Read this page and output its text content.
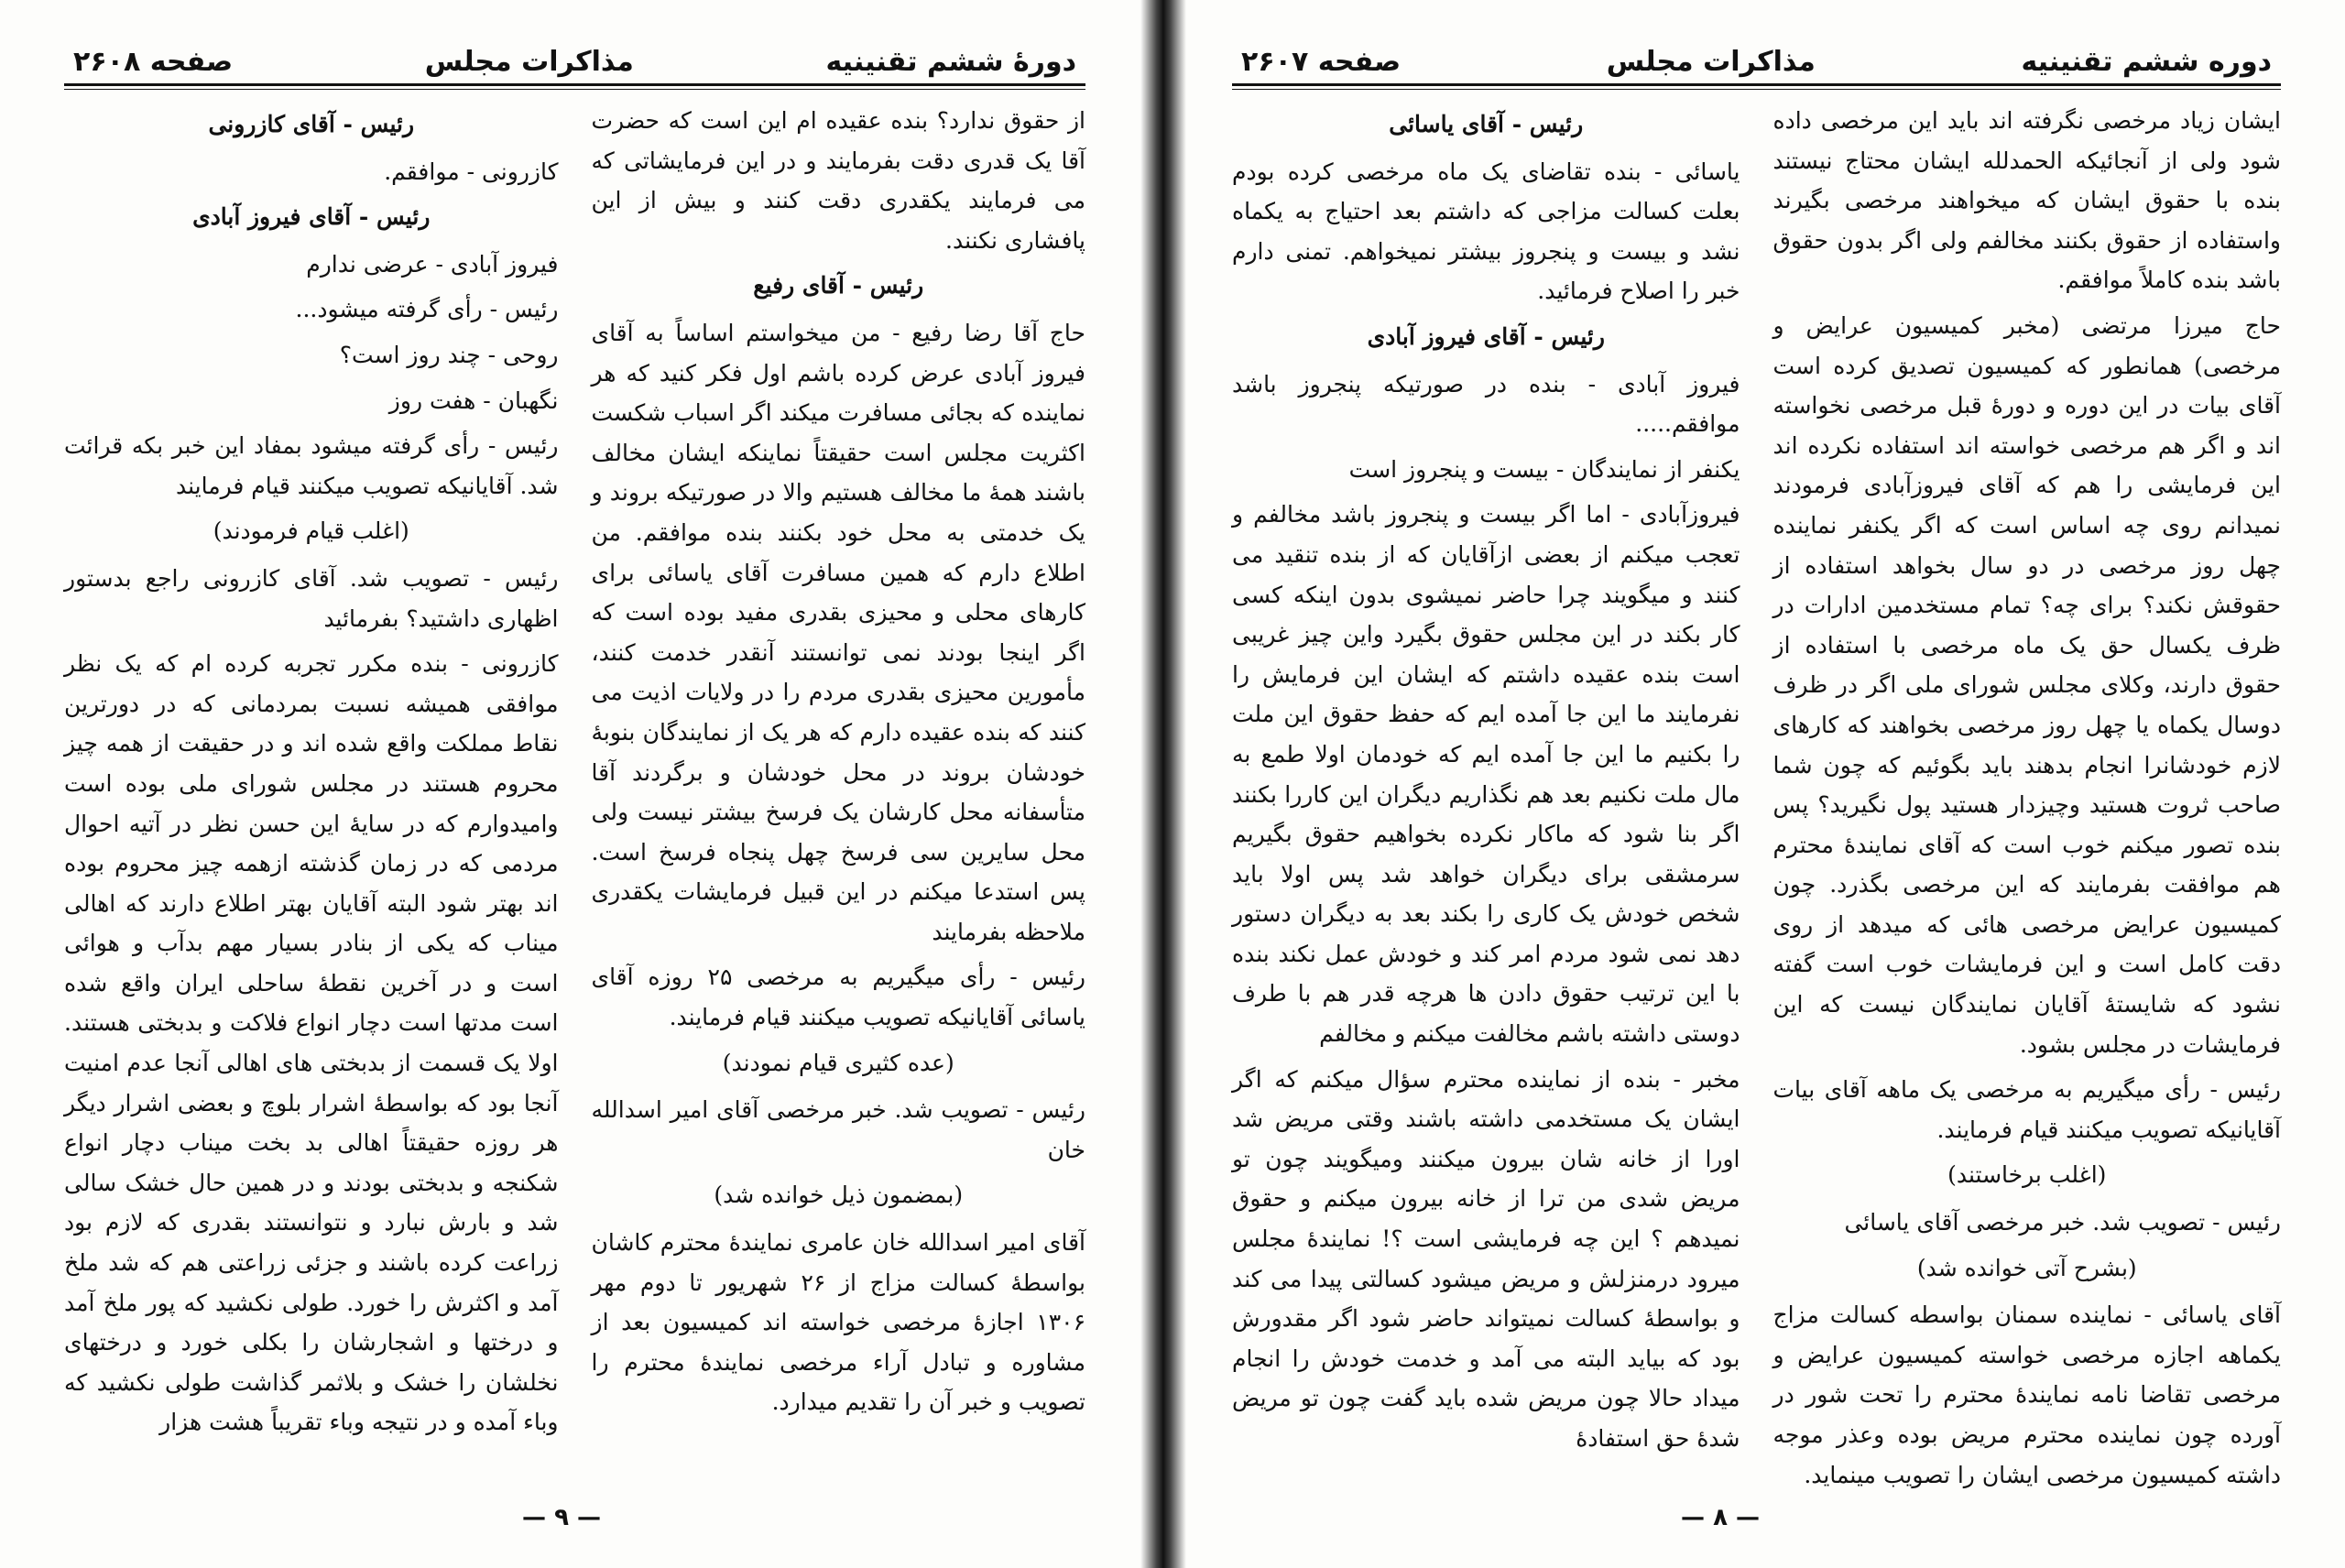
دورهٔ ششم تقنینیه
مذاکرات مجلس
صفحه ۲۶۰۸

از حقوق ندارد؟ بنده عقیده ام این است که حضرت آقا یک قدری دقت بفرمایند و در این فرمایشاتی که می فرمایند یکقدری دقت کنند و بیش از این پافشاری نکنند.

رئیس - آقای رفیع

حاج آقا رضا رفیع - من میخواستم اساساً به آقای فیروز آبادی عرض کرده باشم اول فکر کنید که هر نماینده که بجائی مسافرت میکند اگر اسباب شکست اکثریت مجلس است حقیقتاً نماینکه ایشان مخالف باشند همهٔ ما مخالف هستیم والا در صورتیکه بروند و یک خدمتی به محل خود بکنند بنده موافقم. من اطلاع دارم که همین مسافرت آقای یاسائی برای کارهای محلی و محیزی بقدری مفید بوده است که اگر اینجا بودند نمی توانستند آنقدر خدمت کنند، مأمورین محیزی بقدری مردم را در ولایات اذیت می کنند که بنده عقیده دارم که هر یک از نمایندگان بنوبهٔ خودشان بروند در محل خودشان و برگردند آقا متأسفانه محل کارشان یک فرسخ بیشتر نیست ولی محل سایرین سی فرسخ چهل پنجاه فرسخ است. پس استدعا میکنم در این قبیل فرمایشات یکقدری ملاحظه بفرمایند

رئیس - رأی میگیریم به مرخصی ۲۵ روزه آقای یاسائی آقایانیکه تصویب میکنند قیام فرمایند.

(عده کثیری قیام نمودند)

رئیس - تصویب شد. خبر مرخصی آقای امیر اسدالله خان

(بمضمون ذیل خوانده شد)

آقای امیر اسدالله خان عامری نمایندهٔ محترم کاشان بواسطهٔ کسالت مزاج از ۲۶ شهریور تا دوم مهر ۱۳۰۶ اجازهٔ مرخصی خواسته اند کمیسیون بعد از مشاوره و تبادل آراء مرخصی نمایندهٔ محترم را تصویب و خبر آن را تقدیم میدارد.

رئیس - آقای کازرونی

کازرونی - موافقم.

رئیس - آقای فیروز آبادی

فیروز آبادی - عرضی ندارم

رئیس - رأی گرفته میشود...

روحی - چند روز است؟

نگهبان - هفت روز

رئیس - رأی گرفته میشود بمفاد این خبر بکه قرائت شد. آقایانیکه تصویب میکنند قیام فرمایند

(اغلب قیام فرمودند)

رئیس - تصویب شد. آقای کازرونی راجع بدستور اظهاری داشتید؟ بفرمائید

کازرونی - بنده مکرر تجربه کرده ام که یک نظر موافقی همیشه نسبت بمردمانی که در دورترین نقاط مملکت واقع شده اند و در حقیقت از همه چیز محروم هستند در مجلس شورای ملی بوده است وامیدوارم که در سایهٔ این حسن نظر در آتیه احوال مردمی که در زمان گذشته ازهمه چیز محروم بوده اند بهتر شود البته آقایان بهتر اطلاع دارند که اهالی میناب که یکی از بنادر بسیار مهم بدآب و هوائی است و در آخرین نقطهٔ ساحلی ایران واقع شده است مدتها است دچار انواع فلاکت و بدبختی هستند. اولا یک قسمت از بدبختی های اهالی آنجا عدم امنیت آنجا بود که بواسطهٔ اشرار بلوچ و بعضی اشرار دیگر هر روزه حقیقتاً اهالی بد بخت میناب دچار انواع شکنجه و بدبختی بودند و در همین حال خشک سالی شد و بارش نبارد و نتوانستند بقدری که لازم بود زراعت کرده باشند و جزئی زراعتی هم که شد ملخ آمد و اکثرش را خورد. طولی نکشید که پور ملخ آمد و درختها و اشجارشان را بکلی خورد و درختهای نخلشان را خشک و بلاثمر گذاشت طولی نکشید که وباء آمده و در نتیجه وباء تقریباً هشت هزار

— ۹ —
دوره ششم تقنینیه
مذاکرات مجلس
صفحه ۲۶۰۷

ایشان زیاد مرخصی نگرفته اند باید این مرخصی داده شود ولی از آنجائیکه الحمدلله ایشان محتاج نیستند بنده با حقوق ایشان که میخواهند مرخصی بگیرند واستفاده از حقوق بکنند مخالفم ولی اگر بدون حقوق باشد بنده کاملاً موافقم.

حاج میرزا مرتضی (مخبر کمیسیون عرایض و مرخصی) همانطور که کمیسیون تصدیق کرده است آقای بیات در این دوره و دورهٔ قبل مرخصی نخواسته اند و اگر هم مرخصی خواسته اند استفاده نکرده اند این فرمایشی را هم که آقای فیروزآبادی فرمودند نمیدانم روی چه اساس است که اگر یکنفر نماینده چهل روز مرخصی در دو سال بخواهد استفاده از حقوقش نکند؟ برای چه؟ تمام مستخدمین ادارات در ظرف یکسال حق یک ماه مرخصی با استفاده از حقوق دارند، وکلای مجلس شورای ملی اگر در ظرف دوسال یکماه یا چهل روز مرخصی بخواهند که کارهای لازم خودشانرا انجام بدهند باید بگوئیم که چون شما صاحب ثروت هستید وچیزدار هستید پول نگیرید؟ پس بنده تصور میکنم خوب است که آقای نمایندهٔ محترم هم موافقت بفرمایند که این مرخصی بگذرد. چون کمیسیون عرایض مرخصی هائی که میدهد از روی دقت کامل است و این فرمایشات خوب است گفته نشود که شایستهٔ آقایان نمایندگان نیست که این فرمایشات در مجلس بشود.

رئیس - رأی میگیریم به مرخصی یک ماهه آقای بیات آقایانیکه تصویب میکنند قیام فرمایند.

(اغلب برخاستند)

رئیس - تصویب شد. خبر مرخصی آقای یاسائی

(بشرح آتی خوانده شد)

آقای یاسائی - نماینده سمنان بواسطه کسالت مزاج یکماهه اجازه مرخصی خواسته کمیسیون عرایض و مرخصی تقاضا نامه نمایندهٔ محترم را تحت شور در آورده چون نماینده محترم مریض بوده وعذر موجه داشته کمیسیون مرخصی ایشان را تصویب مینماید.

رئیس - آقای یاسائی

یاسائی - بنده تقاضای یک ماه مرخصی کرده بودم بعلت کسالت مزاجی که داشتم بعد احتیاج به یکماه نشد و بیست و پنجروز بیشتر نمیخواهم. تمنی دارم خبر را اصلاح فرمائید.

رئیس - آقای فیروز آبادی

فیروز آبادی - بنده در صورتیکه پنجروز باشد موافقم.....

یکنفر از نمایندگان - بیست و پنجروز است

فیروزآبادی - اما اگر بیست و پنجروز باشد مخالفم و تعجب میکنم از بعضی ازآقایان که از بنده تنقید می کنند و میگویند چرا حاضر نمیشوی بدون اینکه کسی کار بکند در این مجلس حقوق بگیرد واین چیز غریبی است بنده عقیده داشتم که ایشان این فرمایش را نفرمایند ما این جا آمده ایم که حفظ حقوق این ملت را بکنیم ما این جا آمده ایم که خودمان اولا طمع به مال ملت نکنیم بعد هم نگذاریم دیگران این کاررا بکنند اگر بنا شود که ماکار نکرده بخواهیم حقوق بگیریم سرمشقی برای دیگران خواهد شد پس اولا باید شخص خودش یک کاری را بکند بعد به دیگران دستور دهد نمی شود مردم امر کند و خودش عمل نکند بنده با این ترتیب حقوق دادن ها هرچه قدر هم با طرف دوستی داشته باشم مخالفت میکنم و مخالفم

مخبر - بنده از نماینده محترم سؤال میکنم که اگر ایشان یک مستخدمی داشته باشند وقتی مریض شد اورا از خانه شان بیرون میکنند ومیگویند چون تو مریض شدی من ترا از خانه بیرون میکنم و حقوق نمیدهم ؟ این چه فرمایشی است ؟! نمایندهٔ مجلس میرود درمنزلش و مریض میشود کسالتی پیدا می کند و بواسطهٔ کسالت نمیتواند حاضر شود اگر مقدورش بود که بیاید البته می آمد و خدمت خودش را انجام میداد حالا چون مریض شده باید گفت چون تو مریض شدهٔ حق استفادهٔ

— ۸ —
